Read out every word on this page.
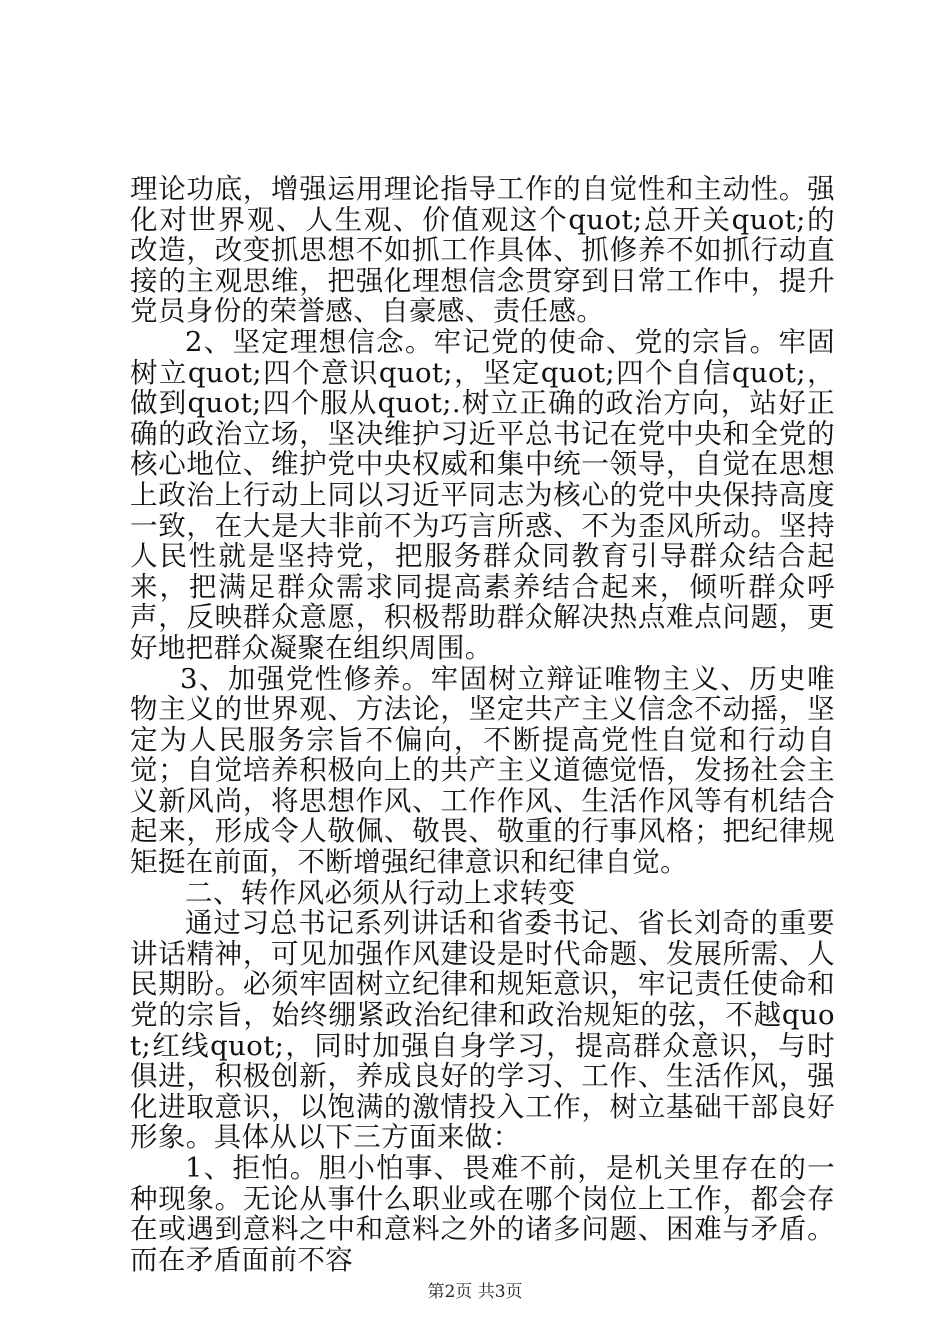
理论功底，增强运用理论指导工作的自觉性和主动性。强化对世界观、人生观、价值观这个quot;总开关quot;的改造，改变抓思想不如抓工作具体、抓修养不如抓行动直接的主观思维，把强化理想信念贯穿到日常工作中，提升党员身份的荣誉感、自豪感、责任感。

2、坚定理想信念。牢记党的使命、党的宗旨。牢固树立quot;四个意识quot;，坚定quot;四个自信quot;，做到quot;四个服从quot;.树立正确的政治方向，站好正确的政治立场，坚决维护习近平总书记在党中央和全党的核心地位、维护党中央权威和集中统一领导，自觉在思想上政治上行动上同以习近平同志为核心的党中央保持高度一致，在大是大非前不为巧言所惑、不为歪风所动。坚持人民性就是坚持党，把服务群众同教育引导群众结合起来，把满足群众需求同提高素养结合起来，倾听群众呼声，反映群众意愿，积极帮助群众解决热点难点问题，更好地把群众凝聚在组织周围。

3、加强党性修养。牢固树立辩证唯物主义、历史唯物主义的世界观、方法论，坚定共产主义信念不动摇，坚定为人民服务宗旨不偏向，不断提高党性自觉和行动自觉；自觉培养积极向上的共产主义道德觉悟，发扬社会主义新风尚，将思想作风、工作作风、生活作风等有机结合起来，形成令人敬佩、敬畏、敬重的行事风格；把纪律规矩挺在前面，不断增强纪律意识和纪律自觉。

二、转作风必须从行动上求转变

通过习总书记系列讲话和省委书记、省长刘奇的重要讲话精神，可见加强作风建设是时代命题、发展所需、人民期盼。必须牢固树立纪律和规矩意识，牢记责任使命和党的宗旨，始终绷紧政治纪律和政治规矩的弦，不越quot;红线quot;，同时加强自身学习，提高群众意识，与时俱进，积极创新，养成良好的学习、工作、生活作风，强化进取意识，以饱满的激情投入工作，树立基础干部良好形象。具体从以下三方面来做：

1、拒怕。胆小怕事、畏难不前，是机关里存在的一种现象。无论从事什么职业或在哪个岗位上工作，都会存在或遇到意料之中和意料之外的诸多问题、困难与矛盾。而在矛盾面前不容

第2页 共3页
